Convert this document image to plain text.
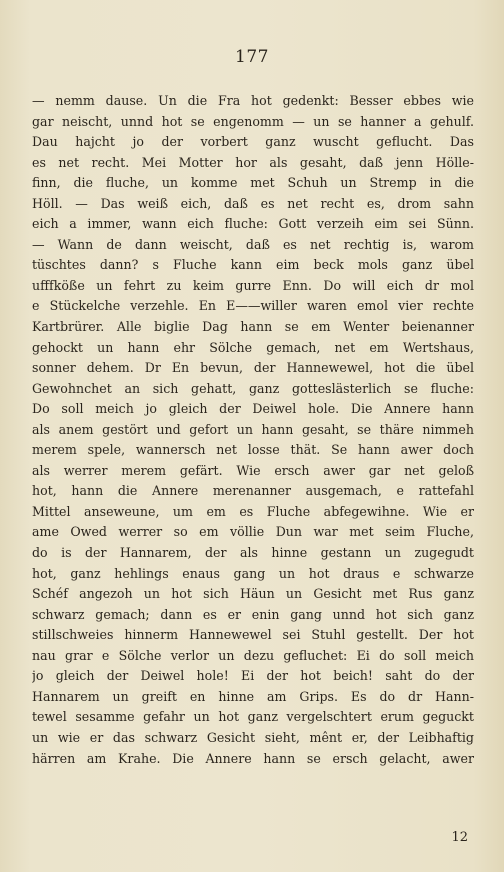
177
— nemm dause. Un die Fra hot gedenkt: Besser ebbes wie
gar neischt, unnd hot se engenomm — un se hanner a gehulf.
Dau hajcht jo der vorbert ganz wuscht geflucht. Das
es net recht. Mei Motter hor als gesaht, daß jenn Hölle-
finn, die fluche, un komme met Schuh un Stremp in die
Höll. — Das weiß eich, daß es net recht es, drom sahn
eich a immer, wann eich fluche: Gott verzeih eim sei Sünn.
— Wann de dann weischt, daß es net rechtig is, warom
tüschtes dann? s Fluche kann eim beck mols ganz übel
ufffköße un fehrt zu keim gurre Enn. Do will eich dr mol
e Stückelche verzehle. En E——willer waren emol vier rechte
Kartbrürer. Alle biglie Dag hann se em Wenter beienanner
gehockt un hann ehr Sölche gemach, net em Wertshaus,
sonner dehem. Dr En bevun, der Hannewewel, hot die übel
Gewohnchet an sich gehatt, ganz gotteslästerlich se fluche:
Do soll meich jo gleich der Deiwel hole. Die Annere hann
als anem gestört und gefort un hann gesaht, se thäre nimmeh
merem spele, wannersch net losse thät. Se hann awer doch
als werrer merem gefärt. Wie ersch awer gar net geloß
hot, hann die Annere merenanner ausgemach, e rattefahl
Mittel anseweune, um em es Fluche abfegewihne. Wie er
ame Owed werrer so em völlie Dun war met seim Fluche,
do is der Hannarem, der als hinne gestann un zugegudt
hot, ganz hehlings enaus gang un hot draus e schwarze
Schéf angezoh un hot sich Häun un Gesicht met Rus ganz
schwarz gemach; dann es er enin gang unnd hot sich ganz
stillschweies hinnerm Hannewewel sei Stuhl gestellt. Der hot
nau grar e Sölche verlor un dezu gefluchet: Ei do soll meich
jo gleich der Deiwel hole! Ei der hot beich! saht do der
Hannarem un greift en hinne am Grips. Es do dr Hann-
tewel sesamme gefahr un hot ganz vergelschtert erum geguckt
un wie er das schwarz Gesicht sieht, mênt er, der Leibhaftig
härren am Krahe. Die Annere hann se ersch gelacht, awer
12
